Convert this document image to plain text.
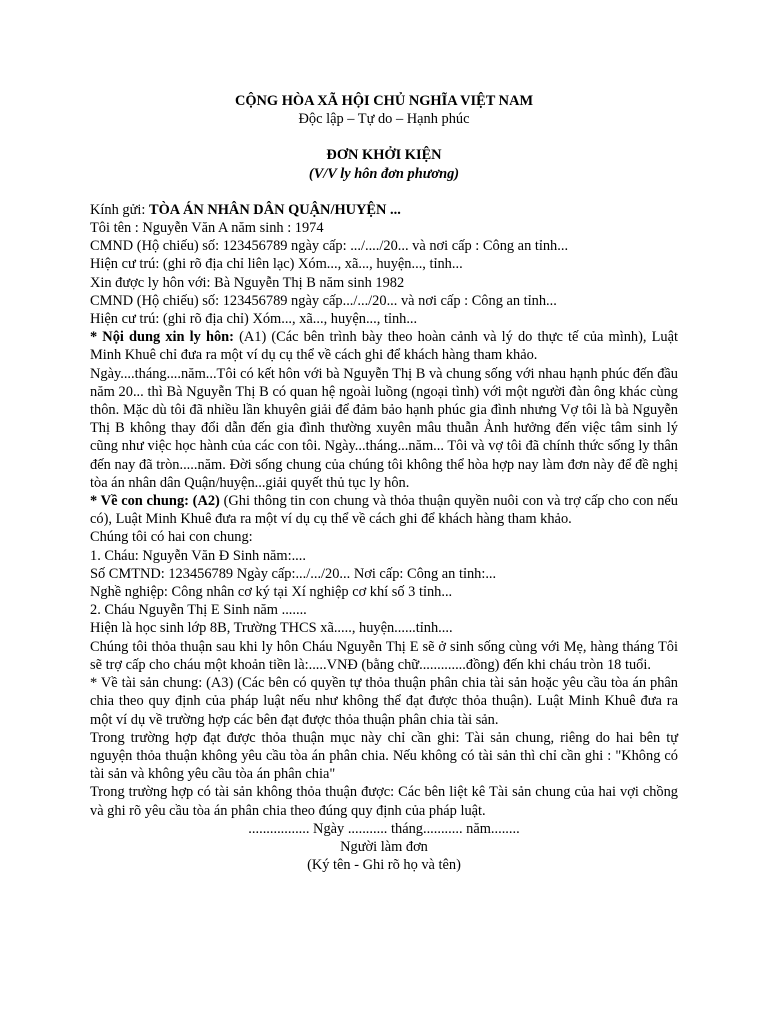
CỘNG HÒA XÃ HỘI CHỦ NGHĨA VIỆT NAM

Độc lập – Tự do – Hạnh phúc

ĐƠN KHỞI KIỆN

(V/V ly hôn đơn phương)

Kính gửi: TÒA ÁN NHÂN DÂN QUẬN/HUYỆN ...

Tôi tên : Nguyễn Văn A năm sinh : 1974

CMND (Hộ chiếu) số: 123456789 ngày cấp: .../..../20... và nơi cấp : Công an tỉnh...

Hiện cư trú: (ghi rõ địa chỉ liên lạc) Xóm..., xã..., huyện..., tỉnh...

Xin được ly hôn với: Bà Nguyễn Thị B năm sinh 1982

CMND (Hộ chiếu) số: 123456789 ngày cấp.../.../20... và nơi cấp : Công an tỉnh...

Hiện cư trú: (ghi rõ địa chỉ) Xóm..., xã..., huyện..., tỉnh...

* Nội dung xin ly hôn: (A1) (Các bên trình bày theo hoàn cảnh và lý do thực tế của mình), Luật Minh Khuê chỉ đưa ra một ví dụ cụ thể về cách ghi để khách hàng tham khảo.

Ngày....tháng....năm...Tôi có kết hôn với bà Nguyễn Thị B và chung sống với nhau hạnh phúc đến đầu năm 20... thì Bà Nguyễn Thị B có quan hệ ngoài luồng (ngoại tình) với một người đàn ông khác cùng thôn. Mặc dù tôi đã nhiều lần khuyên giải để đảm bảo hạnh phúc gia đình nhưng Vợ tôi là bà Nguyễn Thị B không thay đổi dẫn đến gia đình thường xuyên mâu thuẫn Ảnh hưởng đến việc tâm sinh lý cũng như việc học hành của các con tôi. Ngày...tháng...năm... Tôi và vợ tôi đã chính thức sống ly thân đến nay đã tròn.....năm. Đời sống chung của chúng tôi không thể hòa hợp nay làm đơn này để đề nghị tòa án nhân dân Quận/huyện...giải quyết thủ tục ly hôn.

* Về con chung: (A2) (Ghi thông tin con chung và thỏa thuận quyền nuôi con và trợ cấp cho con nếu có), Luật Minh Khuê đưa ra một ví dụ cụ thể về cách ghi để khách hàng tham khảo.

Chúng tôi có hai con chung:

1. Cháu: Nguyễn Văn Đ Sinh năm:....

Số CMTND: 123456789 Ngày cấp:.../.../20... Nơi cấp: Công an tỉnh:...

Nghề nghiệp: Công nhân cơ ký tại Xí nghiệp cơ khí số 3 tỉnh...

2. Cháu Nguyễn Thị E Sinh năm .......

Hiện là học sinh lớp 8B, Trường THCS xã....., huyện......tỉnh....

Chúng tôi thỏa thuận sau khi ly hôn Cháu Nguyễn Thị E sẽ ở sinh sống cùng với Mẹ, hàng tháng Tôi sẽ trợ cấp cho cháu một khoản tiền là:.....VNĐ (bằng chữ.............đồng) đến khi cháu tròn 18 tuổi.

* Về tài sản chung: (A3) (Các bên có quyền tự thỏa thuận phân chia tài sản hoặc yêu cầu tòa án phân chia theo quy định của pháp luật nếu như không thể đạt được thỏa thuận). Luật Minh Khuê đưa ra một ví dụ về trường hợp các bên đạt được thỏa thuận phân chia tài sản.

Trong trường hợp đạt được thỏa thuận mục này chỉ cần ghi: Tài sản chung, riêng do hai bên tự nguyện thỏa thuận không yêu cầu tòa án phân chia. Nếu không có tài sản thì chỉ cần ghi : "Không có tài sản và không yêu cầu tòa án phân chia"

Trong trường hợp có tài sản không thỏa thuận được: Các bên liệt kê Tài sản chung của hai vợi chồng và ghi rõ yêu cầu tòa án phân chia theo đúng quy định của pháp luật.

................. Ngày ........... tháng........... năm........

Người làm đơn

(Ký tên - Ghi rõ họ và tên)
